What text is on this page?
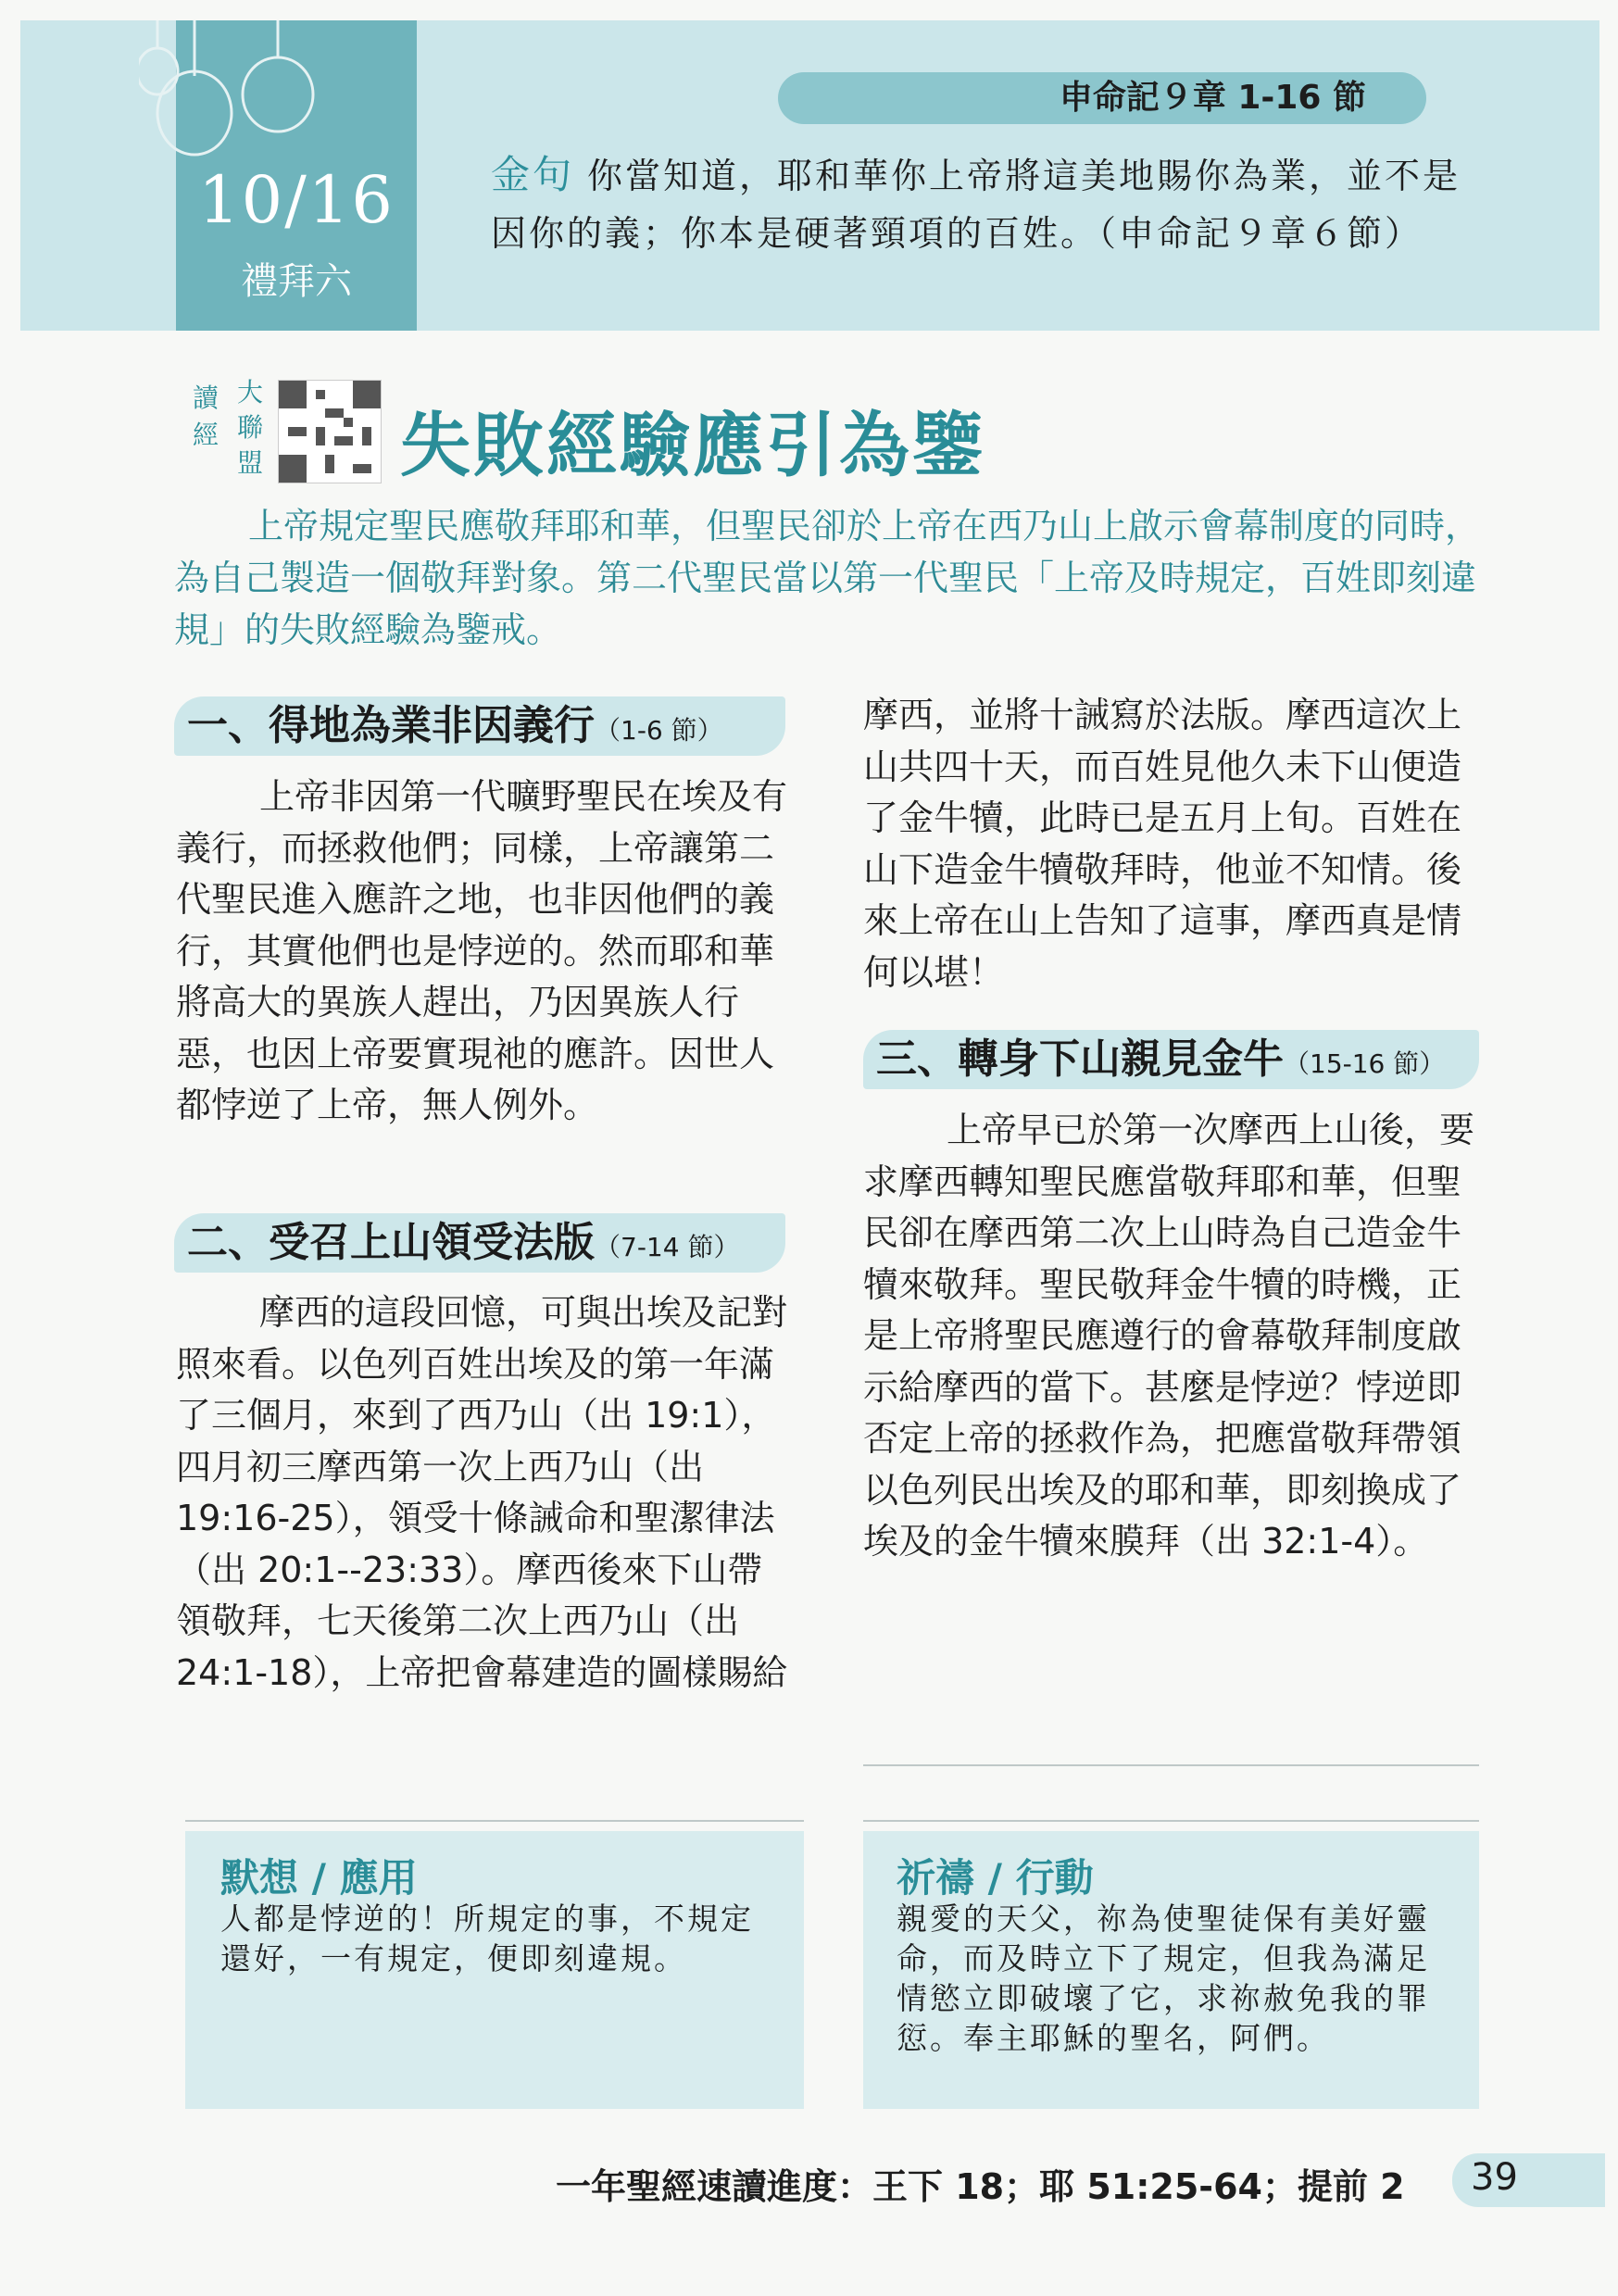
10/16
禮拜六
申命記９章 1-16 節
金句 你當知道，耶和華你上帝將這美地賜你為業，並不是因你的義；你本是硬著頸項的百姓。（申命記９章６節）
讀經
大聯盟 失敗經驗應引為鑒
上帝規定聖民應敬拜耶和華，但聖民卻於上帝在西乃山上啟示會幕制度的同時，為自己製造一個敬拜對象。第二代聖民當以第一代聖民「上帝及時規定，百姓即刻違規」的失敗經驗為鑒戒。
一、得地為業非因義行（1-6 節）
上帝非因第一代曠野聖民在埃及有義行，而拯救他們；同樣，上帝讓第二代聖民進入應許之地，也非因他們的義行，其實他們也是悖逆的。然而耶和華將高大的異族人趕出，乃因異族人行惡，也因上帝要實現祂的應許。因世人都悖逆了上帝，無人例外。
二、受召上山領受法版（7-14 節）
摩西的這段回憶，可與出埃及記對照來看。以色列百姓出埃及的第一年滿了三個月，來到了西乃山（出 19:1），四月初三摩西第一次上西乃山（出 19:16-25），領受十條誡命和聖潔律法（出 20:1--23:33）。摩西後來下山帶領敬拜，七天後第二次上西乃山（出 24:1-18），上帝把會幕建造的圖樣賜給
摩西，並將十誡寫於法版。摩西這次上山共四十天，而百姓見他久未下山便造了金牛犢，此時已是五月上旬。百姓在山下造金牛犢敬拜時，他並不知情。後來上帝在山上告知了這事，摩西真是情何以堪！
三、轉身下山親見金牛（15-16 節）
上帝早已於第一次摩西上山後，要求摩西轉知聖民應當敬拜耶和華，但聖民卻在摩西第二次上山時為自己造金牛犢來敬拜。聖民敬拜金牛犢的時機，正是上帝將聖民應遵行的會幕敬拜制度啟示給摩西的當下。甚麼是悖逆？悖逆即否定上帝的拯救作為，把應當敬拜帶領以色列民出埃及的耶和華，即刻換成了埃及的金牛犢來膜拜（出 32:1-4）。
默想 / 應用
人都是悖逆的！所規定的事，不規定還好，一有規定，便即刻違規。
祈禱 / 行動
親愛的天父，祢為使聖徒保有美好靈命，而及時立下了規定，但我為滿足情慾立即破壞了它，求祢赦免我的罪愆。奉主耶穌的聖名，阿們。
一年聖經速讀進度：王下 18；耶 51:25-64；提前 2 39
